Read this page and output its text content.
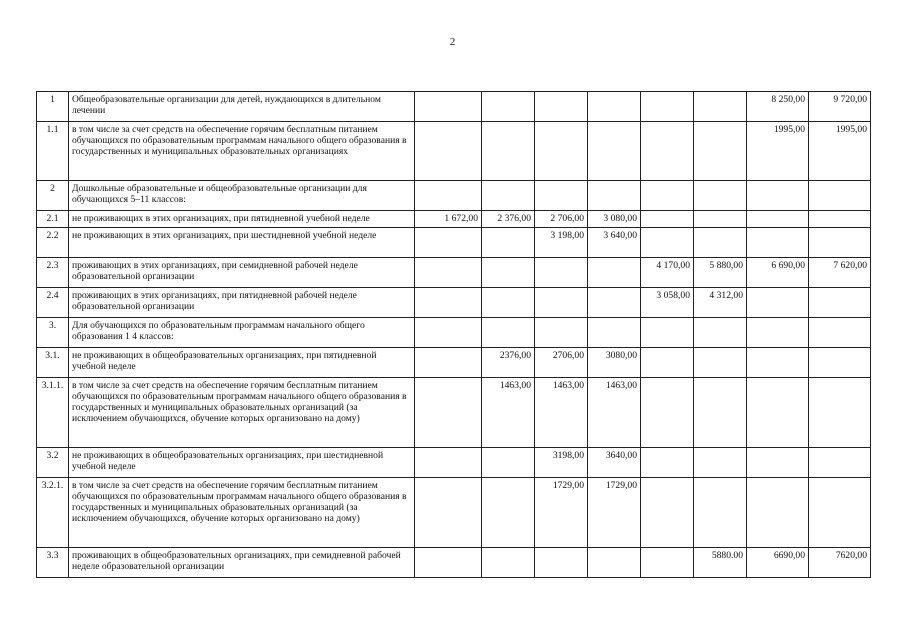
2
1	Общеобразовательные организации для детей, нуждающихся в длительном лечении							8 250,00	9 720,00
1.1	в том числе за счет средств на обеспечение горячим бесплатным питанием обучающихся по образовательным программам начального общего образования в государственных и муниципальных образовательных организациях							1995,00	1995,00
2	Дошкольные образовательные и общеобразовательные организации для обучающихся 5–11 классов:								
2.1	не проживающих в этих организациях, при пятидневной учебной неделе	1 672,00	2 376,00	2 706,00	3 080,00				
2.2	не проживающих в этих организациях, при шестидневной учебной неделе			3 198,00	3 640,00				
2.3	проживающих в этих организациях, при семидневной рабочей неделе образовательной организации					4 170,00	5 880,00	6 690,00	7 620,00
2.4	проживающих в этих организациях, при пятидневной рабочей неделе образовательной организации					3 058,00	4 312,00		
3.	Для обучающихся по образовательным программам начального общего образования 1 4 классов:								
3.1.	не проживающих в общеобразовательных организациях, при пятидневной учебной неделе		2376,00	2706,00	3080,00				
3.1.1.	в том числе за счет средств на обеспечение горячим бесплатным питанием обучающихся по образовательным программам начального общего образования в государственных и муниципальных образовательных организаций (за исключением обучающихся, обучение которых организовано на дому)		1463,00	1463,00	1463,00				
3.2	не проживающих в общеобразовательных организациях, при шестидневной учебной неделе			3198,00	3640,00				
3.2.1.	в том числе за счет средств на обеспечение горячим бесплатным питанием обучающихся по образовательным программам начального общего образования в государственных и муниципальных образовательных организаций (за исключением обучающихся, обучение которых организовано на дому)			1729,00	1729,00				
3.3	проживающих в общеобразовательных организациях, при семидневной рабочей неделе образовательной организации						5880.00	6690,00	7620,00
